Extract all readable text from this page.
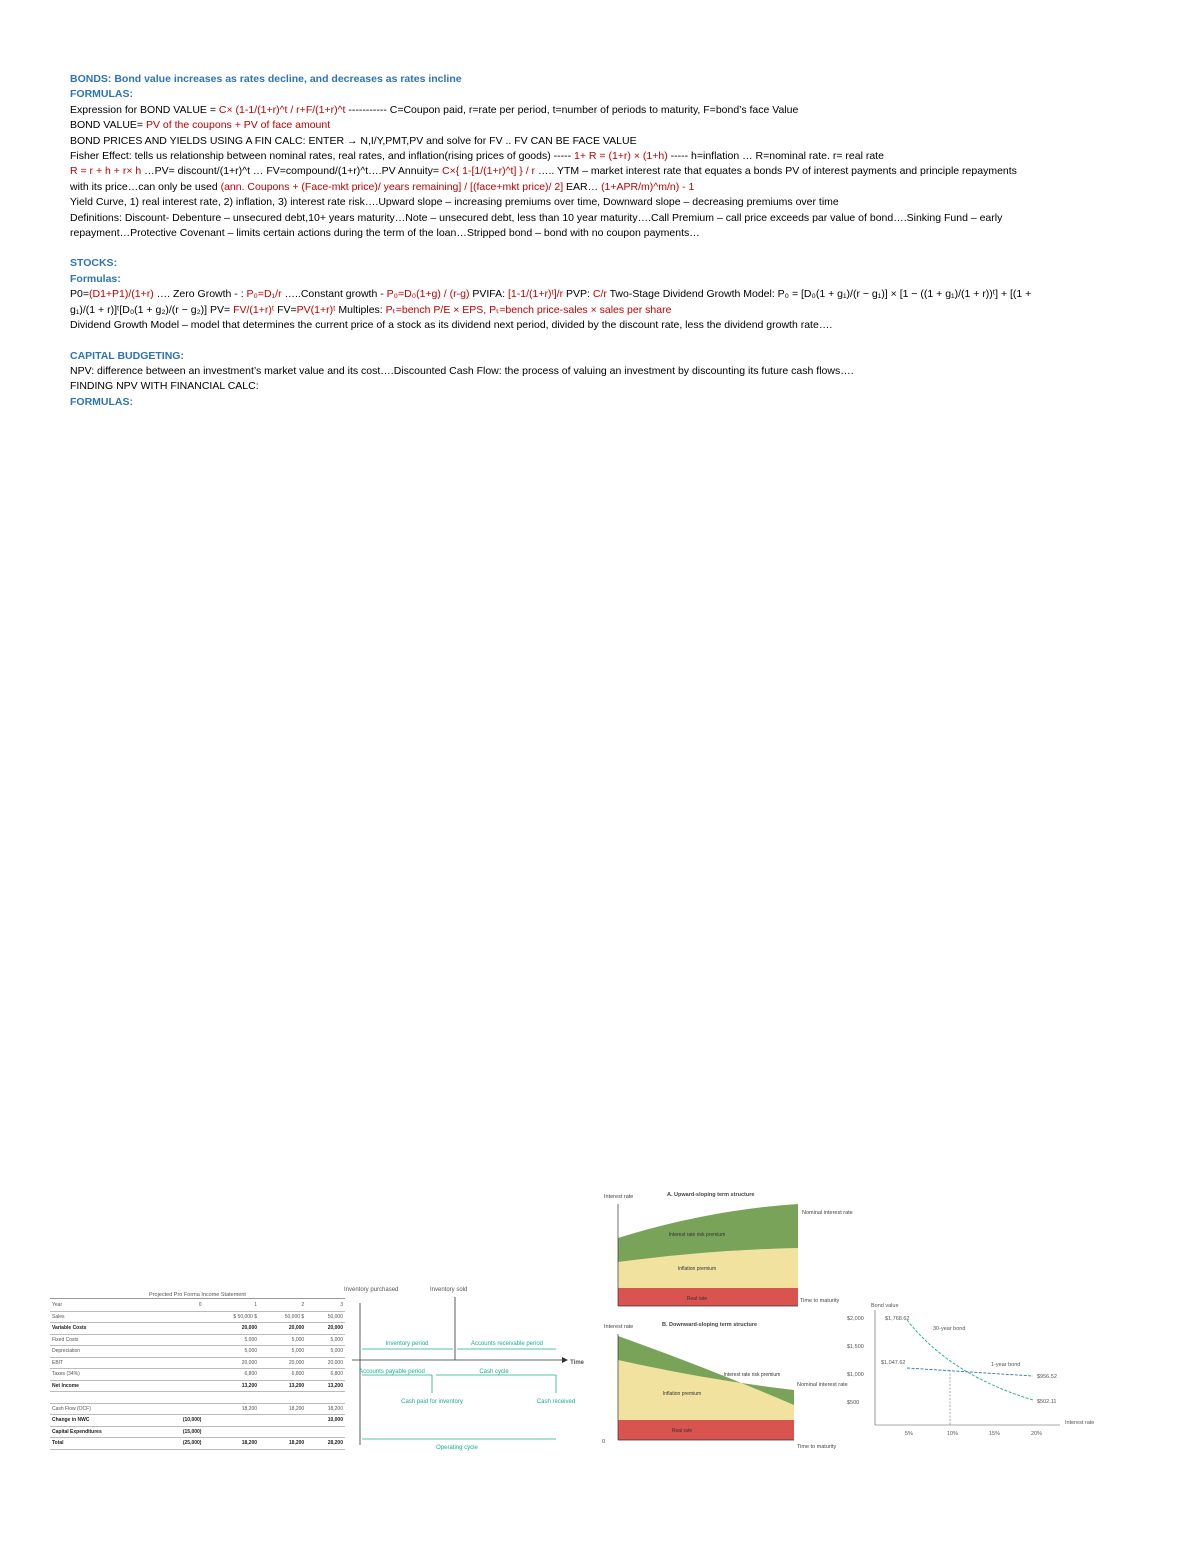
BONDS: Bond value increases as rates decline, and decreases as rates incline

FORMULAS:

Expression for BOND VALUE = C× (1-1/(1+r)^t / r+F/(1+r)^t ----------- C=Coupon paid, r=rate per period, t=number of periods to maturity, F=bond’s face Value

BOND VALUE= PV of the coupons + PV of face amount

BOND PRICES AND YIELDS USING A FIN CALC: ENTER → N,I/Y,PMT,PV and solve for FV .. FV CAN BE FACE VALUE

Fisher Effect: tells us relationship between nominal rates, real rates, and inflation(rising prices of goods) ----- 1+ R = (1+r) × (1+h) ----- h=inflation … R=nominal rate. r= real rate

R = r + h + r× h …PV= discount/(1+r)^t … FV=compound/(1+r)^t….PV Annuity= C×{ 1-[1/(1+r)^t] } / r ….. YTM – market interest rate that equates a bonds PV of interest payments and principle repayments

with its price…can only be used (ann. Coupons + (Face-mkt price)/ years remaining] / [(face+mkt price)/ 2] EAR… (1+APR/m)^m/n) - 1

Yield Curve, 1) real interest rate, 2) inflation, 3) interest rate risk….Upward slope – increasing premiums over time, Downward slope – decreasing premiums over time

Definitions: Discount- Debenture – unsecured debt,10+ years maturity…Note – unsecured debt, less than 10 year maturity….Call Premium – call price exceeds par value of bond….Sinking Fund – early

repayment…Protective Covenant – limits certain actions during the term of the loan…Stripped bond – bond with no coupon payments…

STOCKS:

Formulas:

P0=(D1+P1)/(1+r) …. Zero Growth - : P₀=D₁/r …..Constant growth - P₀=D₀(1+g) / (r-g) PVIFA: [1-1/(1+r)ᵗ]/r PVP: C/r Two-Stage Dividend Growth Model: P₀ = [D₀(1 + g₁)/(r − g₁)] × [1 − ((1 + g₁)/(1 + r))ᵗ] + [(1 +

g₁)/(1 + r)]ᵗ[D₀(1 + g₂)/(r − g₂)] PV= FV/(1+r)ᵗ FV=PV(1+r)ᵗ Multiples: Pₜ=bench P/E × EPS, Pₜ=bench price-sales × sales per share

Dividend Growth Model – model that determines the current price of a stock as its dividend next period, divided by the discount rate, less the dividend growth rate….

CAPITAL BUDGETING:

NPV: difference between an investment’s market value and its cost….Discounted Cash Flow: the process of valuing an investment by discounting its future cash flows….

FINDING NPV WITH FINANCIAL CALC:

FORMULAS:

Projected Pro Forma Income Statement
Year	0	1	2	3
Sales		$ 50,000 $	50,000 $	50,000
Variable Costs		20,000	20,000	20,000
Fixed Costs		5,000	5,000	5,000
Depreciation		5,000	5,000	5,000
EBIT		20,000	20,000	20,000
Taxes (34%)		6,800	6,800	6,800
Net Income		13,200	13,200	13,200

Cash Flow (OCF)		18,200	18,200	18,200
Change in NWC	(10,000)			10,000
Capital Expenditures	(15,000)			
Total	(25,000)	18,200	18,200	28,200
Inventory purchased	Inventory sold
Time
Inventory period	Accounts receivable period
Accounts payable period	Cash cycle
Cash paid for inventory	Cash received
Operating cycle
A. Upward-sloping term structure
Interest rate
Nominal interest rate
Time to maturity
Interest rate risk premium
Inflation premium
Real rate
B. Downward-sloping term structure
Interest rate
Nominal interest rate
Time to maturity
0
Interest rate risk premium
Inflation premium
Real rate
Bond value
Interest rate
$2,000
$1,500
$1,000
$500
5%	10%	15%	20%
30-year bond
1-year bond
$1,768.62
$1,047.62
$956.52
$502.11
